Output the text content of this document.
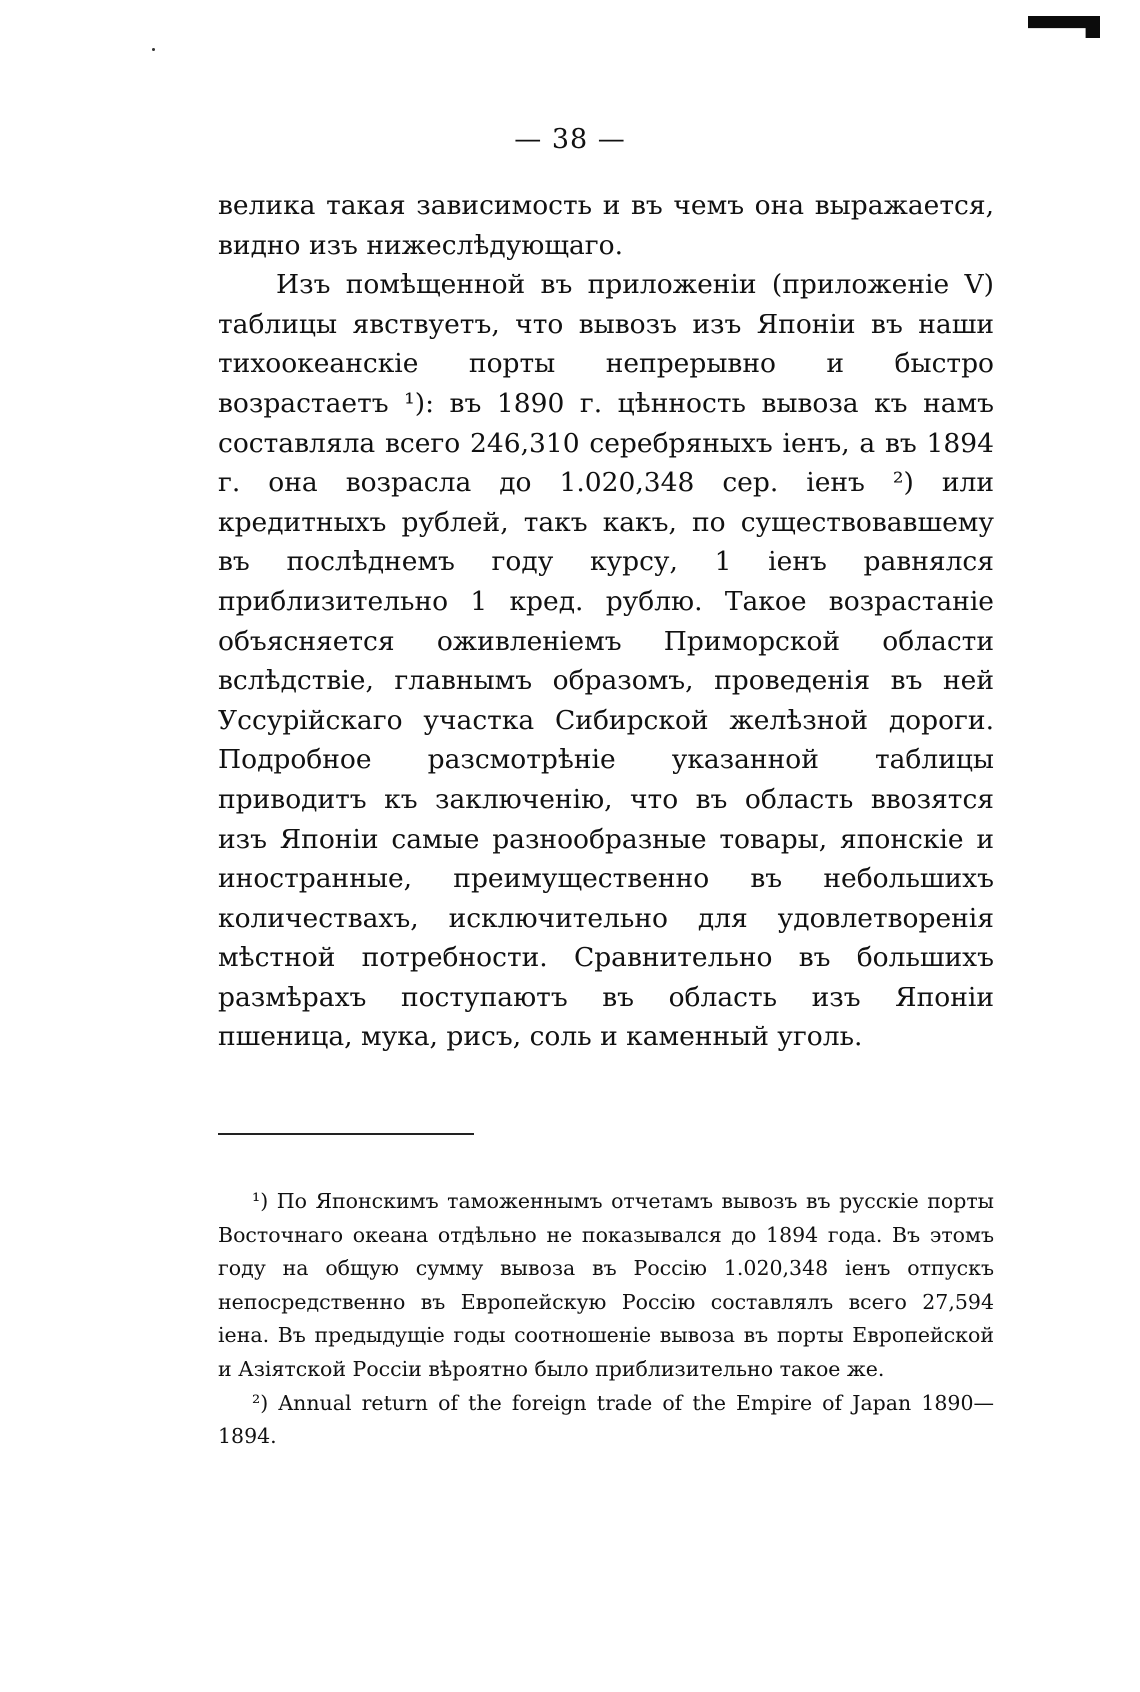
— 38 —

велика такая зависимость и въ чемъ она выражается, видно изъ нижеслѣдующаго.

Изъ помѣщенной въ приложеніи (приложеніе V) таблицы явствуетъ, что вывозъ изъ Японіи въ наши тихоокеанскіе порты непрерывно и быстро возрастаетъ ¹): въ 1890 г. цѣнность вывоза къ намъ составляла всего 246,310 серебряныхъ іенъ, а въ 1894 г. она возрасла до 1.020,348 сер. іенъ ²) или кредитныхъ рублей, такъ какъ, по существовавшему въ послѣднемъ году курсу, 1 іенъ равнялся приблизительно 1 кред. рублю. Такое возрастаніе объясняется оживленіемъ Приморской области вслѣдствіе, главнымъ образомъ, проведенія въ ней Уссурійскаго участка Сибирской желѣзной дороги. Подробное разсмотрѣніе указанной таблицы приводитъ къ заключенію, что въ область ввозятся изъ Японіи самые разнообразные товары, японскіе и иностранные, преимущественно въ небольшихъ количествахъ, исключительно для удовлетворенія мѣстной потребности. Сравнительно въ большихъ размѣрахъ поступаютъ въ область изъ Японіи пшеница, мука, рисъ, соль и каменный уголь.

¹) По Японскимъ таможеннымъ отчетамъ вывозъ въ русскіе порты Восточнаго океана отдѣльно не показывался до 1894 года. Въ этомъ году на общую сумму вывоза въ Россію 1.020,348 іенъ отпускъ непосредственно въ Европейскую Россію составлялъ всего 27,594 іена. Въ предыдущіе годы соотношеніе вывоза въ порты Европейской и Азіятской Россіи вѣроятно было приблизительно такое же.

²) Annual return of the foreign trade of the Empire of Japan 1890—1894.
